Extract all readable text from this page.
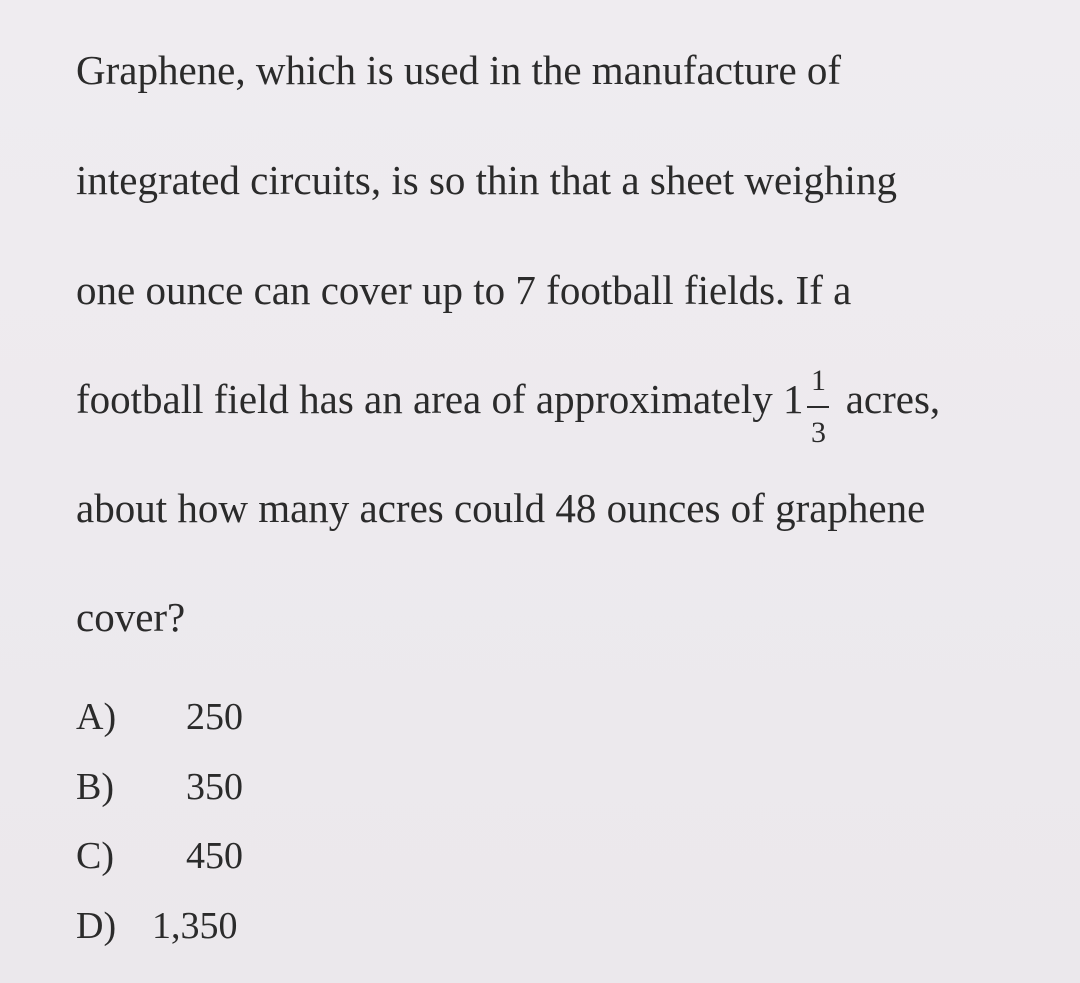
Graphene, which is used in the manufacture of
integrated circuits, is so thin that a sheet weighing
one ounce can cover up to 7 football fields. If a
football field has an area of approximately $1 \frac{1}{3}$ acres,
about how many acres could 48 ounces of graphene
cover?
A) 250
B) 350
C) 450
D) 1,350
